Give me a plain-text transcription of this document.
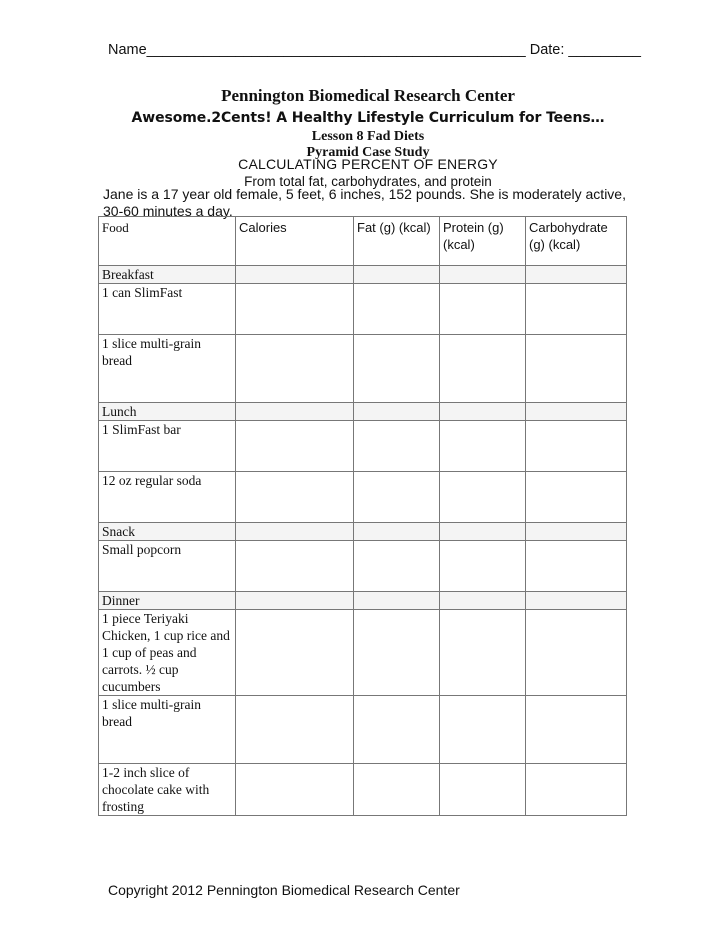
Name_______________________________________________ Date: _________
Pennington Biomedical Research Center
Awesome.2Cents! A Healthy Lifestyle Curriculum for Teens…
Lesson 8 Fad Diets
Pyramid Case Study
CALCULATING PERCENT OF ENERGY
From total fat, carbohydrates, and protein
Jane is a 17 year old female, 5 feet, 6 inches, 152 pounds. She is moderately active, 30-60 minutes a day.
Food	Calories	Fat (g) (kcal)	Protein (g) (kcal)	Carbohydrate (g) (kcal)
Breakfast				
1 can SlimFast				
1 slice multi-grain bread				
Lunch				
1 SlimFast bar				
12 oz regular soda				
Snack				
Small popcorn				
Dinner				
1 piece Teriyaki Chicken, 1 cup rice and 1 cup of peas and carrots. ½ cup cucumbers				
1 slice multi-grain bread				
1-2 inch slice of chocolate cake with frosting				
Copyright 2012 Pennington Biomedical Research Center
